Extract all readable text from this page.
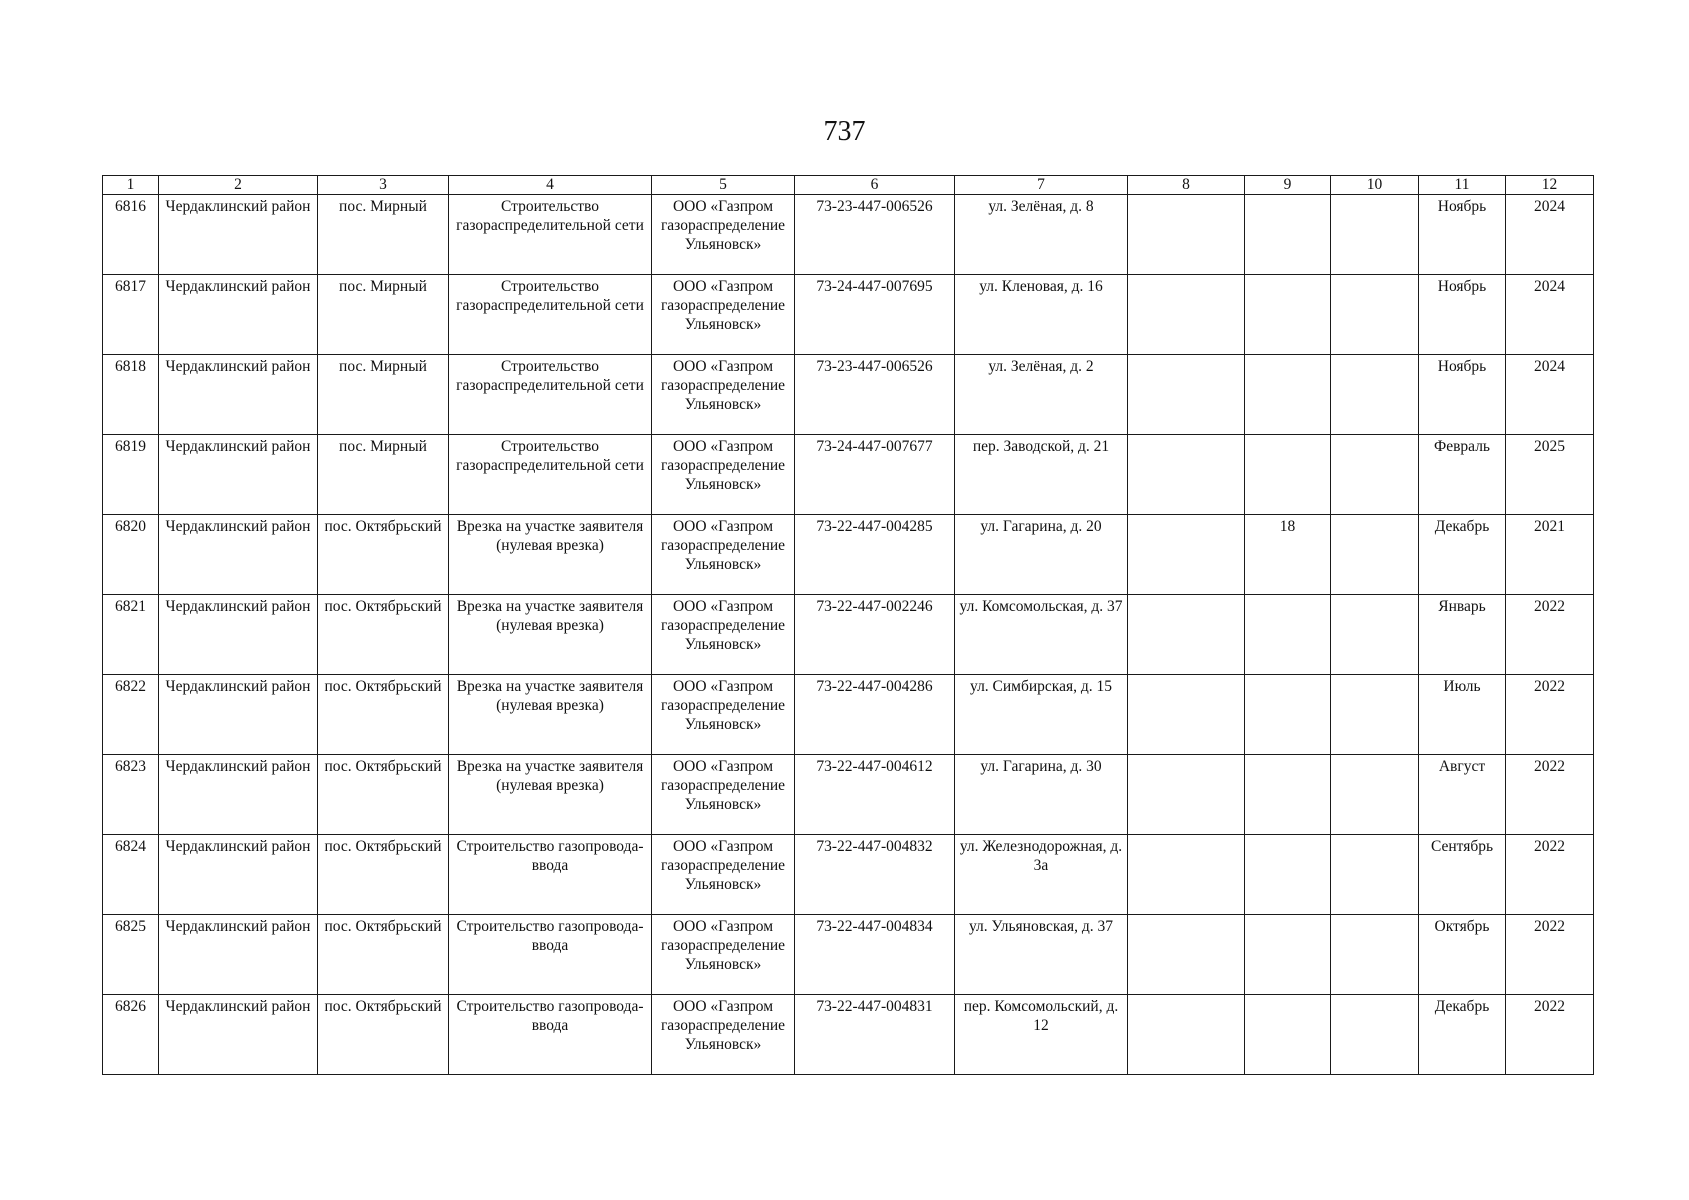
737
1	2	3	4	5	6	7	8	9	10	11	12
6816	Чердаклинский район	пос. Мирный	Строительство газораспределительной сети	ООО «Газпром газораспределение Ульяновск»	73-23-447-006526	ул. Зелёная, д. 8				Ноябрь	2024
6817	Чердаклинский район	пос. Мирный	Строительство газораспределительной сети	ООО «Газпром газораспределение Ульяновск»	73-24-447-007695	ул. Кленовая, д. 16				Ноябрь	2024
6818	Чердаклинский район	пос. Мирный	Строительство газораспределительной сети	ООО «Газпром газораспределение Ульяновск»	73-23-447-006526	ул. Зелёная, д. 2				Ноябрь	2024
6819	Чердаклинский район	пос. Мирный	Строительство газораспределительной сети	ООО «Газпром газораспределение Ульяновск»	73-24-447-007677	пер. Заводской, д. 21				Февраль	2025
6820	Чердаклинский район	пос. Октябрьский	Врезка на участке заявителя (нулевая врезка)	ООО «Газпром газораспределение Ульяновск»	73-22-447-004285	ул. Гагарина, д. 20		18		Декабрь	2021
6821	Чердаклинский район	пос. Октябрьский	Врезка на участке заявителя (нулевая врезка)	ООО «Газпром газораспределение Ульяновск»	73-22-447-002246	ул. Комсомольская, д. 37				Январь	2022
6822	Чердаклинский район	пос. Октябрьский	Врезка на участке заявителя (нулевая врезка)	ООО «Газпром газораспределение Ульяновск»	73-22-447-004286	ул. Симбирская, д. 15				Июль	2022
6823	Чердаклинский район	пос. Октябрьский	Врезка на участке заявителя (нулевая врезка)	ООО «Газпром газораспределение Ульяновск»	73-22-447-004612	ул. Гагарина, д. 30				Август	2022
6824	Чердаклинский район	пос. Октябрьский	Строительство газопровода-ввода	ООО «Газпром газораспределение Ульяновск»	73-22-447-004832	ул. Железнодорожная, д. 3а				Сентябрь	2022
6825	Чердаклинский район	пос. Октябрьский	Строительство газопровода-ввода	ООО «Газпром газораспределение Ульяновск»	73-22-447-004834	ул. Ульяновская, д. 37				Октябрь	2022
6826	Чердаклинский район	пос. Октябрьский	Строительство газопровода-ввода	ООО «Газпром газораспределение Ульяновск»	73-22-447-004831	пер. Комсомольский, д. 12				Декабрь	2022
